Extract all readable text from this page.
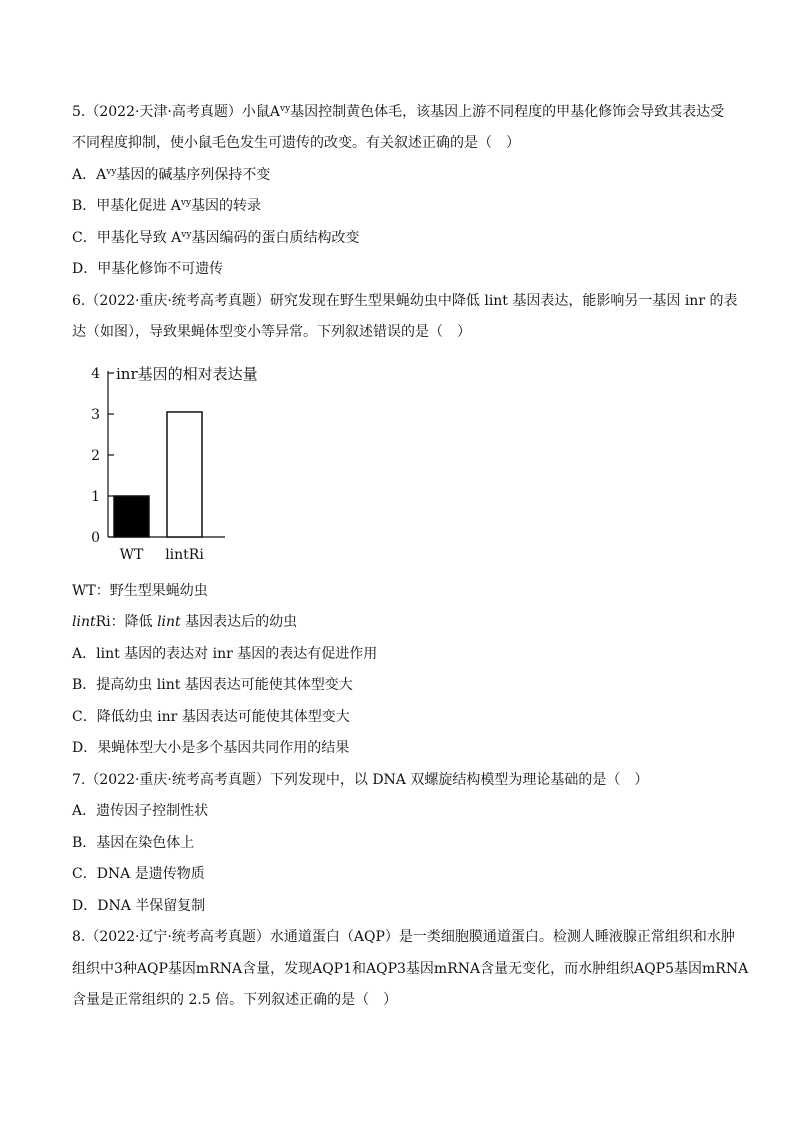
5.（2022·天津·高考真题）小鼠$A^{vy}$基因控制黄色体毛，该基因上游不同程度的甲基化修饰会导致其表达受
不同程度抑制，使小鼠毛色发生可遗传的改变。有关叙述正确的是（　）
A．$A^{vy}$基因的碱基序列保持不变
B．甲基化促进 $A^{vy}$基因的转录
C．甲基化导致 $A^{vy}$基因编码的蛋白质结构改变
D．甲基化修饰不可遗传
6.（2022·重庆·统考高考真题）研究发现在野生型果蝇幼虫中降低 lint 基因表达，能影响另一基因 inr 的表
达（如图），导致果蝇体型变小等异常。下列叙述错误的是（　）
0
1
2
3
4
WT lintRi
inr基因的相对表达量
WT：野生型果蝇幼虫
lintRi：降低 lint 基因表达后的幼虫
A．lint 基因的表达对 inr 基因的表达有促进作用
B．提高幼虫 lint 基因表达可能使其体型变大
C．降低幼虫 inr 基因表达可能使其体型变大
D．果蝇体型大小是多个基因共同作用的结果
7.（2022·重庆·统考高考真题）下列发现中，以 DNA 双螺旋结构模型为理论基础的是（　）
A．遗传因子控制性状
B．基因在染色体上
C．DNA 是遗传物质
D．DNA 半保留复制
8.（2022·辽宁·统考高考真题）水通道蛋白（AQP）是一类细胞膜通道蛋白。检测人睡液腺正常组织和水肿
组织中3种AQP基因mRNA含量，发现AQP1和AQP3基因mRNA含量无变化，而水肿组织AQP5基因mRNA
含量是正常组织的 2.5 倍。下列叙述正确的是（　）
